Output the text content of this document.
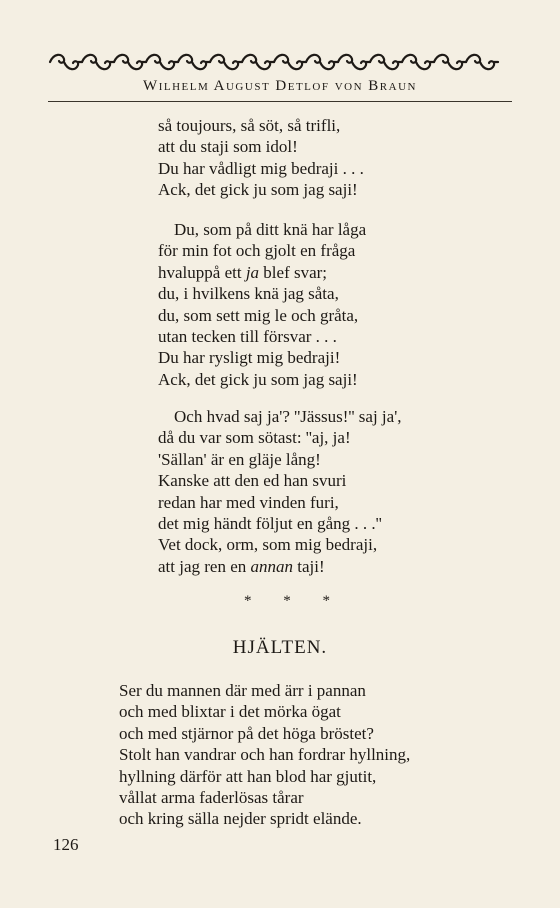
Wilhelm August Detlof von Braun
så toujours, så söt, så trifli,
att du staji som idol!
Du har vådligt mig bedraji . . .
Ack, det gick ju som jag saji!
Du, som på ditt knä har låga
för min fot och gjolt en fråga
hvaluppå ett ja blef svar;
du, i hvilkens knä jag såta,
du, som sett mig le och gråta,
utan tecken till försvar . . .
Du har rysligt mig bedraji!
Ack, det gick ju som jag saji!
Och hvad saj ja'? ''Jässus!'' saj ja',
då du var som sötast: ''aj, ja!
'Sällan' är en gläje lång!
Kanske att den ed han svuri
redan har med vinden furi,
det mig händt följut en gång . . .''
Vet dock, orm, som mig bedraji,
att jag ren en annan taji!
* * *
HJÄLTEN.
Ser du mannen där med ärr i pannan
och med blixtar i det mörka ögat
och med stjärnor på det höga bröstet?
Stolt han vandrar och han fordrar hyllning,
hyllning därför att han blod har gjutit,
vållat arma faderlösas tårar
och kring sälla nejder spridt elände.
126
